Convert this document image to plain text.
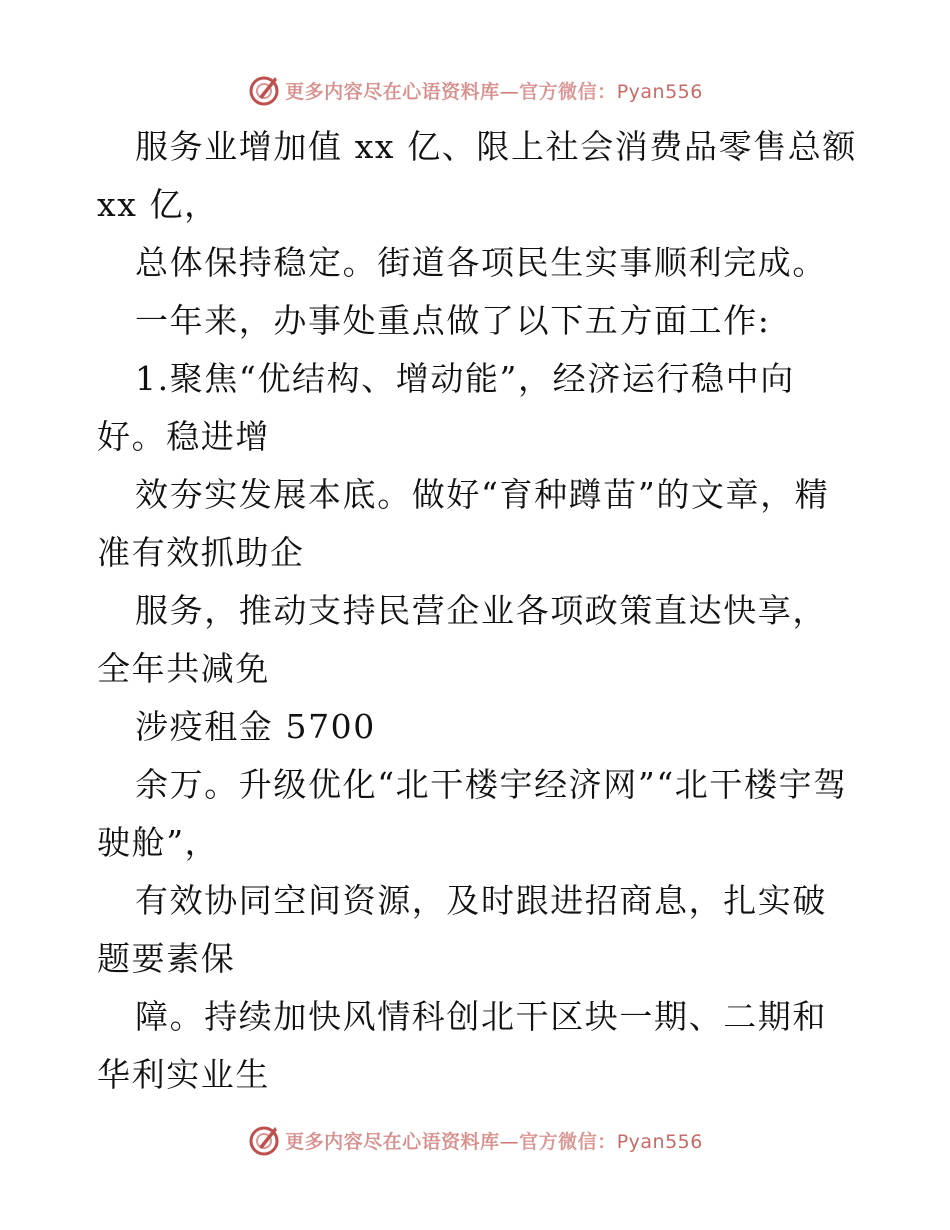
更多内容尽在心语资料库—官方微信：Pyan556

服务业增加值 xx 亿、限上社会消费品零售总额 xx 亿，

总体保持稳定。街道各项民生实事顺利完成。

一年来，办事处重点做了以下五方面工作:

1.聚焦“优结构、增动能”，经济运行稳中向好。稳进增

效夯实发展本底。做好“育种蹲苗”的文章，精准有效抓助企

服务，推动支持民营企业各项政策直达快享，全年共减免

涉疫租金 5700

余万。升级优化“北干楼宇经济网”“北干楼宇驾驶舱”，

有效协同空间资源，及时跟进招商息，扎实破题要素保

障。持续加快风情科创北干区块一期、二期和华利实业生

更多内容尽在心语资料库—官方微信：Pyan556
